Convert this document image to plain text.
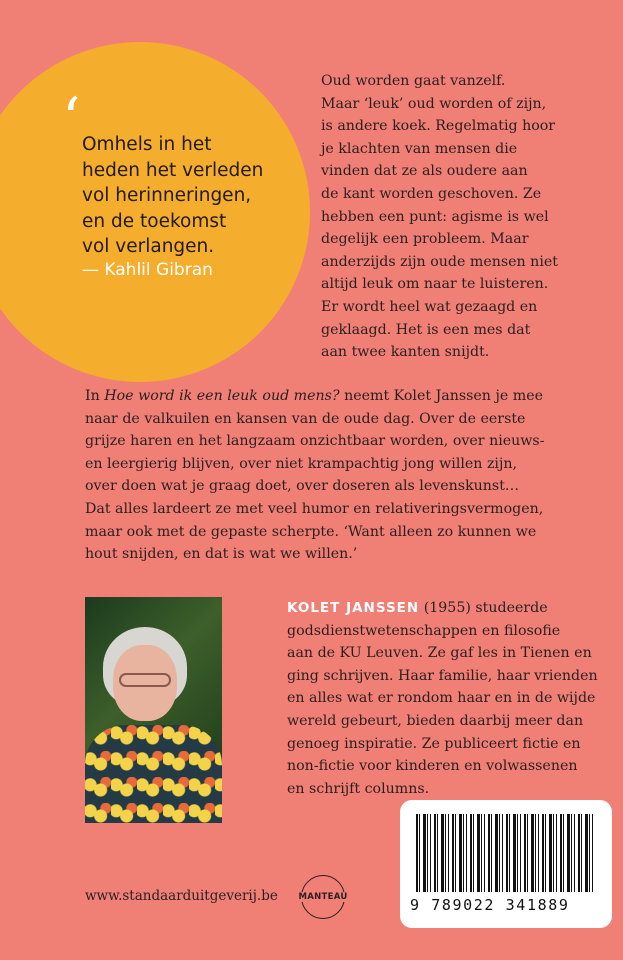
‘ Omhels in het
heden het verleden
vol herinneringen,
en de toekomst
vol verlangen.
— Kahlil Gibran
Oud worden gaat vanzelf.
Maar ‘leuk’ oud worden of zijn,
is andere koek. Regelmatig hoor
je klachten van mensen die
vinden dat ze als oudere aan
de kant worden geschoven. Ze
hebben een punt: agisme is wel
degelijk een probleem. Maar
anderzijds zijn oude mensen niet
altijd leuk om naar te luisteren.
Er wordt heel wat gezaagd en
geklaagd. Het is een mes dat
aan twee kanten snijdt.
In Hoe word ik een leuk oud mens? neemt Kolet Janssen je mee
naar de valkuilen en kansen van de oude dag. Over de eerste
grijze haren en het langzaam onzichtbaar worden, over nieuws-
en leergierig blijven, over niet krampachtig jong willen zijn,
over doen wat je graag doet, over doseren als levenskunst…
Dat alles lardeert ze met veel humor en relativeringsvermogen,
maar ook met de gepaste scherpte. ‘Want alleen zo kunnen we
hout snijden, en dat is wat we willen.’
KOLET JANSSEN (1955) studeerde
godsdienstwetenschappen en filosofie
aan de KU Leuven. Ze gaf les in Tienen en
ging schrijven. Haar familie, haar vrienden
en alles wat er rondom haar en in de wijde
wereld gebeurt, bieden daarbij meer dan
genoeg inspiratie. Ze publiceert fictie en
non-fictie voor kinderen en volwassenen
en schrijft columns.
www.standaarduitgeverij.be MANTEAU	9 789022 341889
